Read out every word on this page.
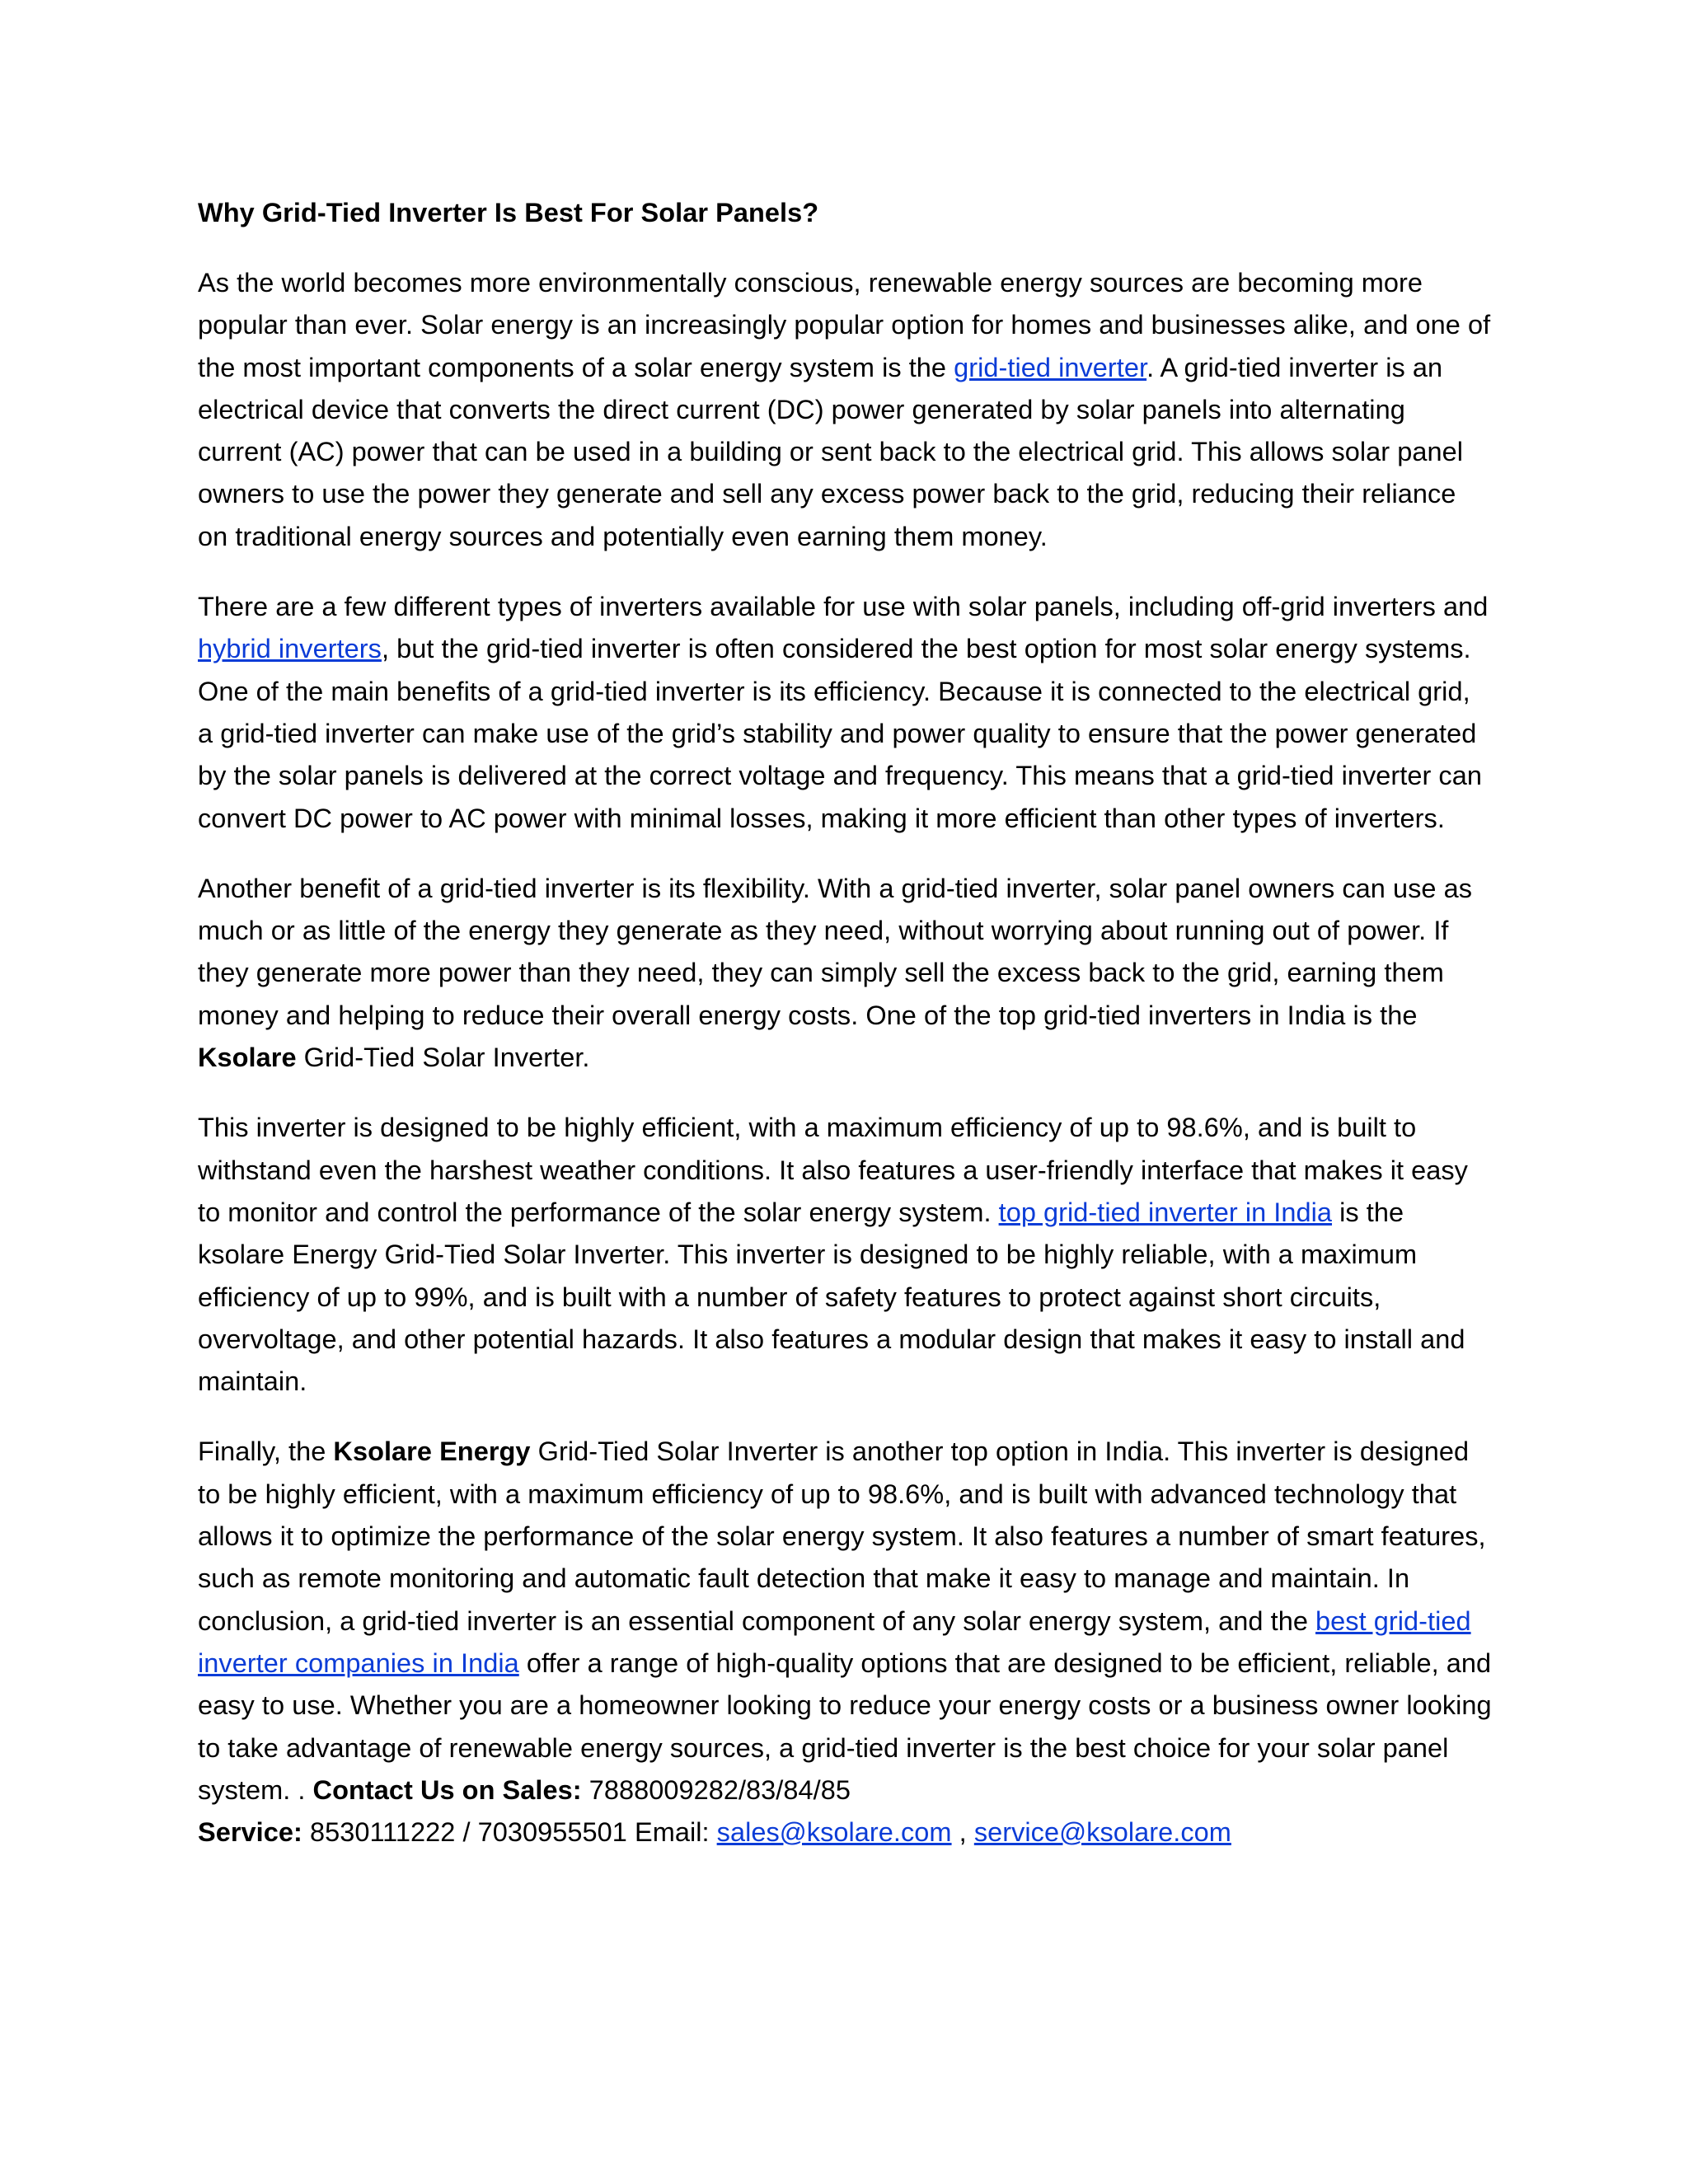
Why Grid-Tied Inverter Is Best For Solar Panels?

As the world becomes more environmentally conscious, renewable energy sources are becoming more popular than ever. Solar energy is an increasingly popular option for homes and businesses alike, and one of the most important components of a solar energy system is the grid-tied inverter. A grid-tied inverter is an electrical device that converts the direct current (DC) power generated by solar panels into alternating current (AC) power that can be used in a building or sent back to the electrical grid. This allows solar panel owners to use the power they generate and sell any excess power back to the grid, reducing their reliance on traditional energy sources and potentially even earning them money.

There are a few different types of inverters available for use with solar panels, including off-grid inverters and hybrid inverters, but the grid-tied inverter is often considered the best option for most solar energy systems. One of the main benefits of a grid-tied inverter is its efficiency. Because it is connected to the electrical grid, a grid-tied inverter can make use of the grid’s stability and power quality to ensure that the power generated by the solar panels is delivered at the correct voltage and frequency. This means that a grid-tied inverter can convert DC power to AC power with minimal losses, making it more efficient than other types of inverters.

Another benefit of a grid-tied inverter is its flexibility. With a grid-tied inverter, solar panel owners can use as much or as little of the energy they generate as they need, without worrying about running out of power. If they generate more power than they need, they can simply sell the excess back to the grid, earning them money and helping to reduce their overall energy costs. One of the top grid-tied inverters in India is the Ksolare Grid-Tied Solar Inverter.

This inverter is designed to be highly efficient, with a maximum efficiency of up to 98.6%, and is built to withstand even the harshest weather conditions. It also features a user-friendly interface that makes it easy to monitor and control the performance of the solar energy system. top grid-tied inverter in India is the ksolare Energy Grid-Tied Solar Inverter. This inverter is designed to be highly reliable, with a maximum efficiency of up to 99%, and is built with a number of safety features to protect against short circuits, overvoltage, and other potential hazards. It also features a modular design that makes it easy to install and maintain.

Finally, the Ksolare Energy Grid-Tied Solar Inverter is another top option in India. This inverter is designed to be highly efficient, with a maximum efficiency of up to 98.6%, and is built with advanced technology that allows it to optimize the performance of the solar energy system. It also features a number of smart features, such as remote monitoring and automatic fault detection that make it easy to manage and maintain. In conclusion, a grid-tied inverter is an essential component of any solar energy system, and the best grid-tied inverter companies in India offer a range of high-quality options that are designed to be efficient, reliable, and easy to use. Whether you are a homeowner looking to reduce your energy costs or a business owner looking to take advantage of renewable energy sources, a grid-tied inverter is the best choice for your solar panel system. . Contact Us on Sales: 7888009282/83/84/85
Service: 8530111222 / 7030955501 Email: sales@ksolare.com , service@ksolare.com
